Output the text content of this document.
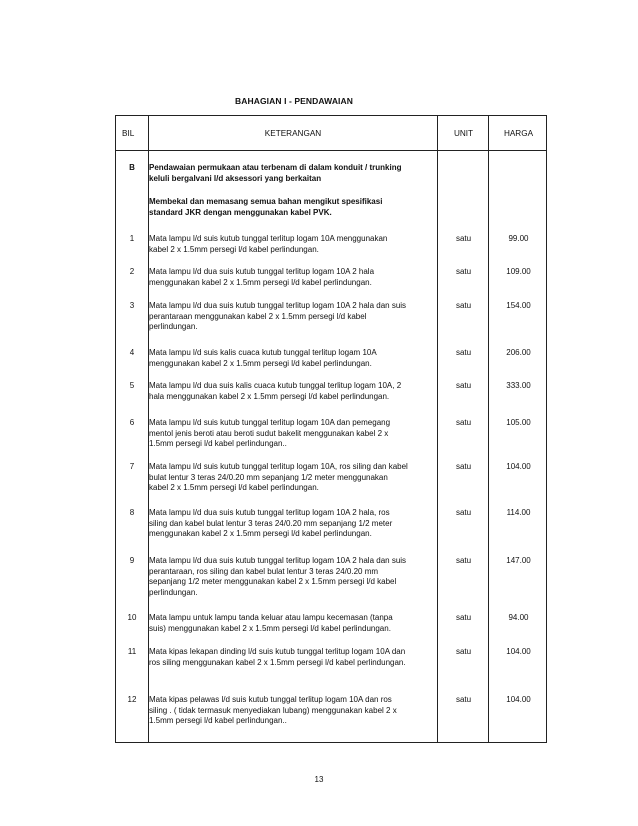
BAHAGIAN I - PENDAWAIAN
BIL	KETERANGAN	UNIT	HARGA
B	Pendawaian permukaan atau terbenam di dalam konduit / trunking
keluli bergalvani l/d aksessori yang berkaitan
Membekal dan memasang semua bahan mengikut spesifikasi
standard JKR dengan menggunakan kabel PVK.
1	Mata lampu l/d suis kutub tunggal terlitup logam 10A menggunakan
kabel 2 x 1.5mm persegi l/d kabel perlindungan.
satu	99.00
2	Mata lampu l/d dua suis kutub tunggal terlitup logam 10A 2 hala
menggunakan kabel 2 x 1.5mm persegi l/d kabel perlindungan.
satu	109.00
3	Mata lampu l/d dua suis kutub tunggal terlitup logam 10A 2 hala dan suis
perantaraan menggunakan kabel 2 x 1.5mm persegi l/d kabel
perlindungan.
satu	154.00
4	Mata lampu l/d suis kalis cuaca kutub tunggal terlitup logam 10A
menggunakan kabel 2 x 1.5mm persegi l/d kabel perlindungan.
satu	206.00
5	Mata lampu l/d dua suis kalis cuaca kutub tunggal terlitup logam 10A, 2
hala menggunakan kabel 2 x 1.5mm persegi l/d kabel perlindungan.
satu	333.00
6	Mata lampu l/d suis kutub tunggal terlitup logam 10A dan pemegang
mentol jenis beroti atau beroti sudut bakelit menggunakan kabel 2 x
1.5mm persegi l/d kabel perlindungan..
satu	105.00
7	Mata lampu l/d suis kutub tunggal terlitup logam 10A, ros siling dan kabel
bulat lentur 3 teras 24/0.20 mm sepanjang 1/2 meter menggunakan
kabel 2 x 1.5mm persegi l/d kabel perlindungan.
satu	104.00
8	Mata lampu l/d dua suis kutub tunggal terlitup logam 10A 2 hala, ros
siling dan kabel bulat lentur 3 teras 24/0.20 mm sepanjang 1/2 meter
menggunakan kabel 2 x 1.5mm persegi l/d kabel perlindungan.
satu	114.00
9	Mata lampu l/d dua suis kutub tunggal terlitup logam 10A 2 hala dan suis
perantaraan, ros siling dan kabel bulat lentur 3 teras 24/0.20 mm
sepanjang 1/2 meter menggunakan kabel 2 x 1.5mm persegi l/d kabel
perlindungan.
satu	147.00
10	Mata lampu untuk lampu tanda keluar atau lampu kecemasan (tanpa
suis) menggunakan kabel 2 x 1.5mm persegi l/d kabel perlindungan.
satu	94.00
11	Mata kipas lekapan dinding l/d suis kutub tunggal terlitup logam 10A dan
ros siling menggunakan kabel 2 x 1.5mm persegi l/d kabel perlindungan.
satu	104.00
12	Mata kipas pelawas l/d suis kutub tunggal terlitup logam 10A dan ros
siling . ( tidak termasuk menyediakan lubang) menggunakan kabel 2 x
1.5mm persegi l/d kabel perlindungan..
satu	104.00
13
